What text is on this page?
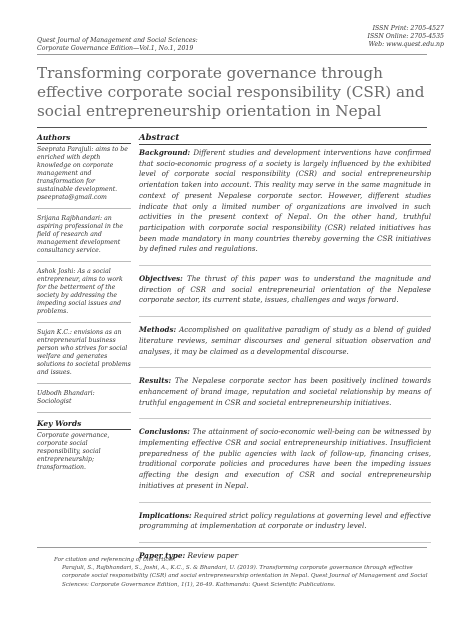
Quest Journal of Management and Social Sciences:
Corporate Governance Edition—Vol.1, No.1, 2019
ISSN Print: 2705-4527
ISSN Online: 2705-4535
Web: www.quest.edu.np
Transforming corporate governance through effective corporate social responsibility (CSR) and social entrepreneurship orientation in Nepal
Authors
Seeprata Parajuli: aims to be enriched with depth knowledge on corporate management and transformation for sustainable development. pseeprata@gmail.com
Srijana Rajbhandari: an aspiring professional in the field of research and management development consultancy service.
Ashok Joshi: As a social entrepreneur, aims to work for the betterment of the society by addressing the impeding social issues and problems.
Sujan K.C.: envisions as an entrepreneurial business person who strives for social welfare and generates solutions to societal problems and issues.
Udbodh Bhandari: Sociologist
Key Words
Corporate governance, corporate social responsibility, social entrepreneurship; transformation.
Abstract
Background: Different studies and development interventions have confirmed that socio-economic progress of a society is largely influenced by the exhibited level of corporate social responsibility (CSR) and social entrepreneurship orientation taken into account. This reality may serve in the same magnitude in context of present Nepalese corporate sector. However, different studies indicate that only a limited number of organizations are involved in such activities in the present context of Nepal. On the other hand, truthful participation with corporate social responsibility (CSR) related initiatives has been made mandatory in many countries thereby governing the CSR initiatives by defined rules and regulations.
Objectives: The thrust of this paper was to understand the magnitude and direction of CSR and social entrepreneurial orientation of the Nepalese corporate sector, its current state, issues, challenges and ways forward.
Methods: Accomplished on qualitative paradigm of study as a blend of guided literature reviews, seminar discourses and general situation observation and analyses, it may be claimed as a developmental discourse.
Results: The Nepalese corporate sector has been positively inclined towards enhancement of brand image, reputation and societal relationship by means of truthful engagement in CSR and societal entrepreneurship initiatives.
Conclusions: The attainment of socio-economic well-being can be witnessed by implementing effective CSR and social entrepreneurship initiatives. Insufficient preparedness of the public agencies with lack of follow-up, financing crises, traditional corporate policies and procedures have been the impeding issues affecting the design and execution of CSR and social entrepreneurship initiatives at present in Nepal.
Implications: Required strict policy regulations at governing level and effective programming at implementation at corporate or industry level.
Paper type: Review paper
For citation and referencing of this article:
Parajuli, S., Rajbhandari, S., Joshi, A., K.C., S. & Bhandari, U. (2019). Transforming corporate governance through effective corporate social responsibility (CSR) and social entrepreneurship orientation in Nepal. Quest Journal of Management and Social Sciences: Corporate Governance Edition, 1(1), 26-49. Kathmandu: Quest Scientific Publications.
